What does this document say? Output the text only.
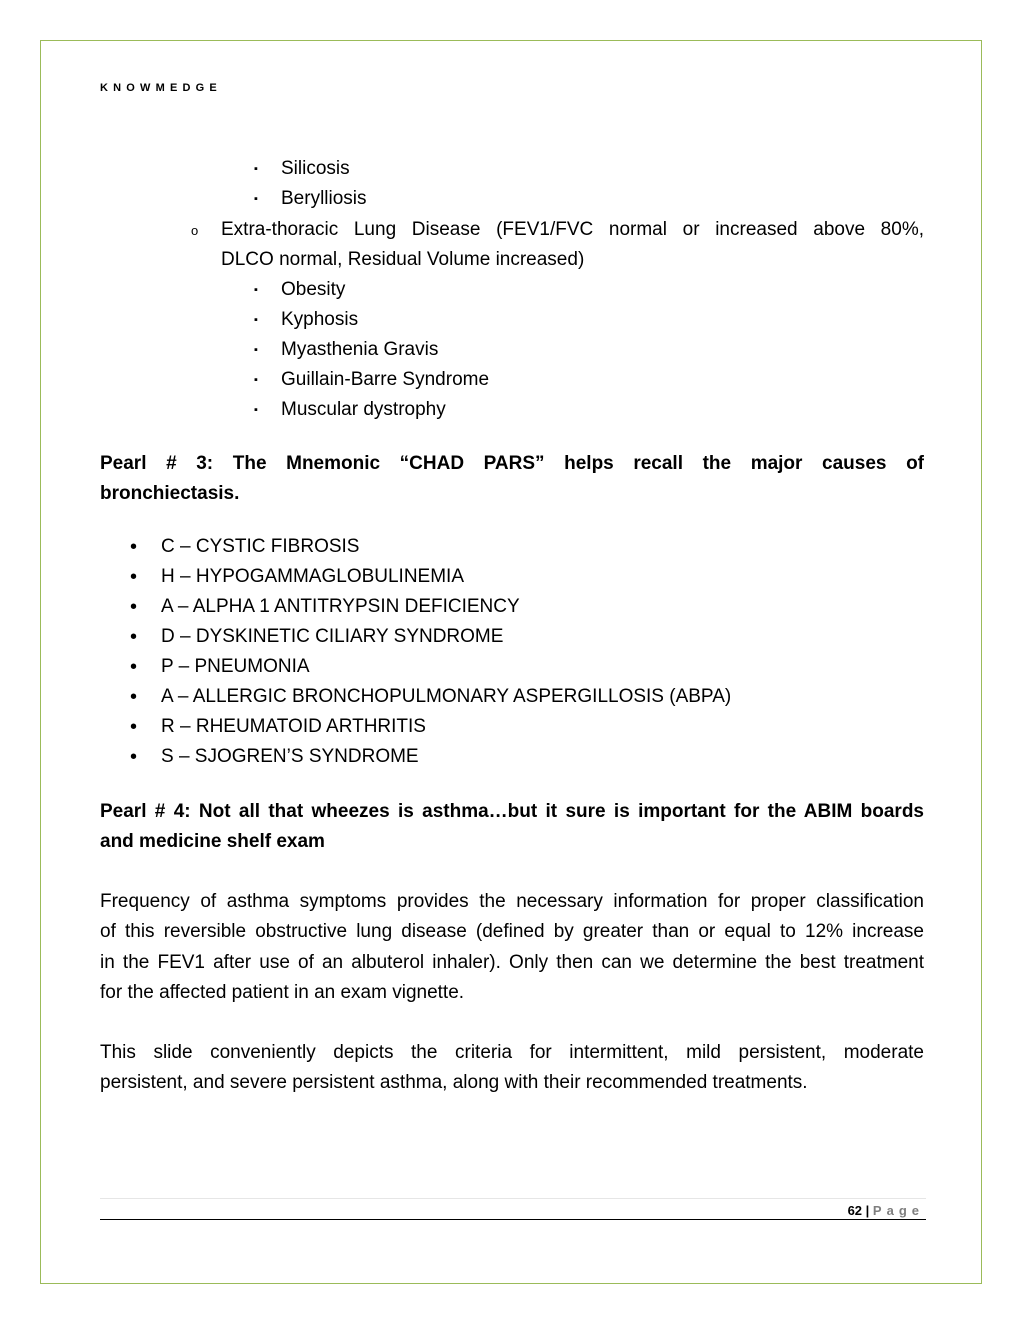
KNOWMEDGE
▪ Silicosis
▪ Berylliosis
o Extra-thoracic Lung Disease (FEV1/FVC normal or increased above 80%,
DLCO normal, Residual Volume increased)
▪ Obesity
▪ Kyphosis
▪ Myasthenia Gravis
▪ Guillain-Barre Syndrome
▪ Muscular dystrophy
Pearl # 3: The Mnemonic “CHAD PARS” helps recall the major causes of
bronchiectasis.
• C – CYSTIC FIBROSIS
• H – HYPOGAMMAGLOBULINEMIA
• A – ALPHA 1 ANTITRYPSIN DEFICIENCY
• D – DYSKINETIC CILIARY SYNDROME
• P – PNEUMONIA
• A – ALLERGIC BRONCHOPULMONARY ASPERGILLOSIS (ABPA)
• R – RHEUMATOID ARTHRITIS
• S – SJOGREN’S SYNDROME
Pearl # 4: Not all that wheezes is asthma…but it sure is important for the ABIM boards
and medicine shelf exam
Frequency of asthma symptoms provides the necessary information for proper classification
of this reversible obstructive lung disease (defined by greater than or equal to 12% increase
in the FEV1 after use of an albuterol inhaler). Only then can we determine the best treatment
for the affected patient in an exam vignette.
This slide conveniently depicts the criteria for intermittent, mild persistent, moderate
persistent, and severe persistent asthma, along with their recommended treatments.
62 | Page
